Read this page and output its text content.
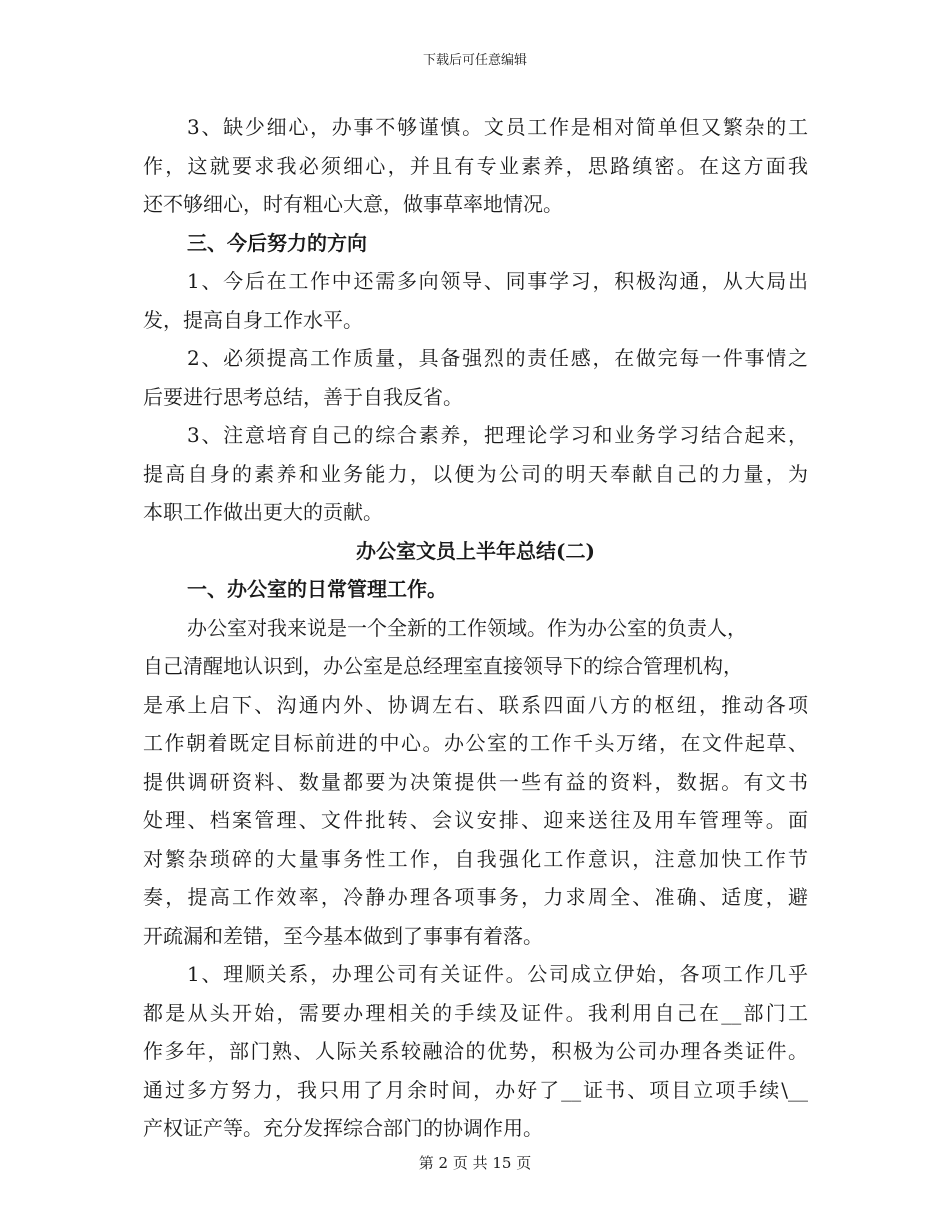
下载后可任意编辑
3、缺少细心，办事不够谨慎。文员工作是相对简单但又繁杂的工
作，这就要求我必须细心，并且有专业素养，思路缜密。在这方面我
还不够细心，时有粗心大意，做事草率地情况。
三、今后努力的方向
1、今后在工作中还需多向领导、同事学习，积极沟通，从大局出
发，提高自身工作水平。
2、必须提高工作质量，具备强烈的责任感，在做完每一件事情之
后要进行思考总结，善于自我反省。
3、注意培育自己的综合素养，把理论学习和业务学习结合起来，
提高自身的素养和业务能力，以便为公司的明天奉献自己的力量，为
本职工作做出更大的贡献。
办公室文员上半年总结(二)
一、办公室的日常管理工作。
办公室对我来说是一个全新的工作领域。作为办公室的负责人，
自己清醒地认识到，办公室是总经理室直接领导下的综合管理机构，
是承上启下、沟通内外、协调左右、联系四面八方的枢纽，推动各项
工作朝着既定目标前进的中心。办公室的工作千头万绪，在文件起草、
提供调研资料、数量都要为决策提供一些有益的资料，数据。有文书
处理、档案管理、文件批转、会议安排、迎来送往及用车管理等。面
对繁杂琐碎的大量事务性工作，自我强化工作意识，注意加快工作节
奏，提高工作效率，冷静办理各项事务，力求周全、准确、适度，避
开疏漏和差错，至今基本做到了事事有着落。
1、理顺关系，办理公司有关证件。公司成立伊始，各项工作几乎
都是从头开始，需要办理相关的手续及证件。我利用自己在__部门工
作多年，部门熟、人际关系较融洽的优势，积极为公司办理各类证件。
通过多方努力，我只用了月余时间，办好了__证书、项目立项手续\__
产权证产等。充分发挥综合部门的协调作用。
第 2 页 共 15 页
